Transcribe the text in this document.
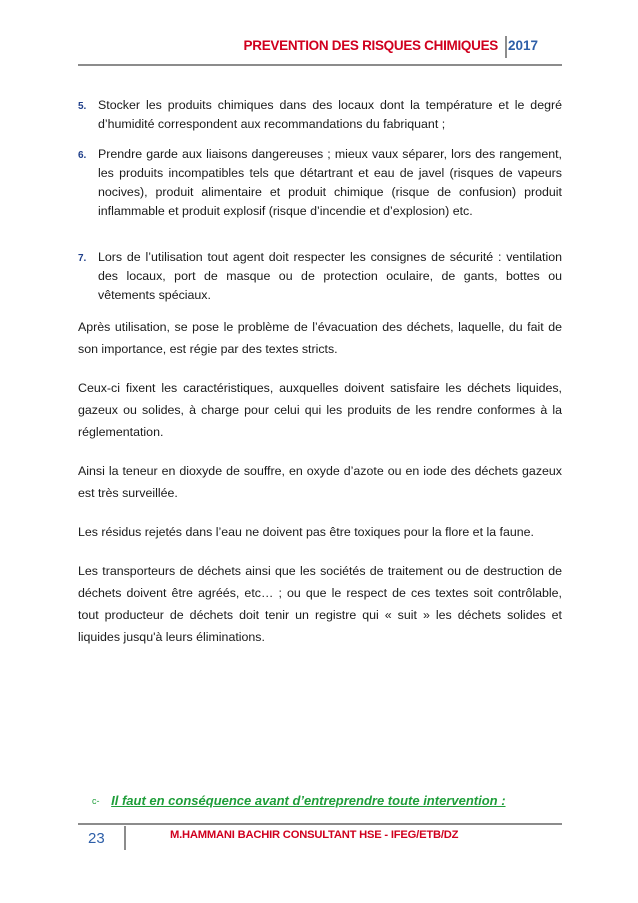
PREVENTION DES RISQUES CHIMIQUES 2017
5. Stocker les produits chimiques dans des locaux dont la température et le degré d’humidité correspondent aux recommandations du fabriquant ;
6. Prendre garde aux liaisons dangereuses ; mieux vaux séparer, lors des rangement, les produits incompatibles tels que détartrant et eau de javel (risques de vapeurs nocives), produit alimentaire et produit chimique (risque de confusion) produit inflammable et produit explosif (risque d’incendie et d’explosion) etc.
7. Lors de l’utilisation tout agent doit respecter les consignes de sécurité : ventilation des locaux, port de masque ou de protection oculaire, de gants, bottes ou vêtements spéciaux.

Après utilisation, se pose le problème de l’évacuation des déchets, laquelle, du fait de son importance, est régie par des textes stricts.

Ceux-ci fixent les caractéristiques, auxquelles doivent satisfaire les déchets liquides, gazeux ou solides, à charge pour celui qui les produits de les rendre conformes à la réglementation.

Ainsi la teneur en dioxyde de souffre, en oxyde d’azote ou en iode des déchets gazeux est très surveillée.

Les résidus rejetés dans l’eau ne doivent pas être toxiques pour la flore et la faune.

Les transporteurs de déchets ainsi que les sociétés de traitement ou de destruction de déchets doivent être agréés, etc… ; ou que le respect de ces textes soit contrôlable, tout producteur de déchets doit tenir un registre qui « suit » les déchets solides et liquides jusqu'à leurs éliminations.

c- Il faut en conséquence avant d’entreprendre toute intervention :
23	M.HAMMANI BACHIR CONSULTANT HSE - IFEG/ETB/DZ
